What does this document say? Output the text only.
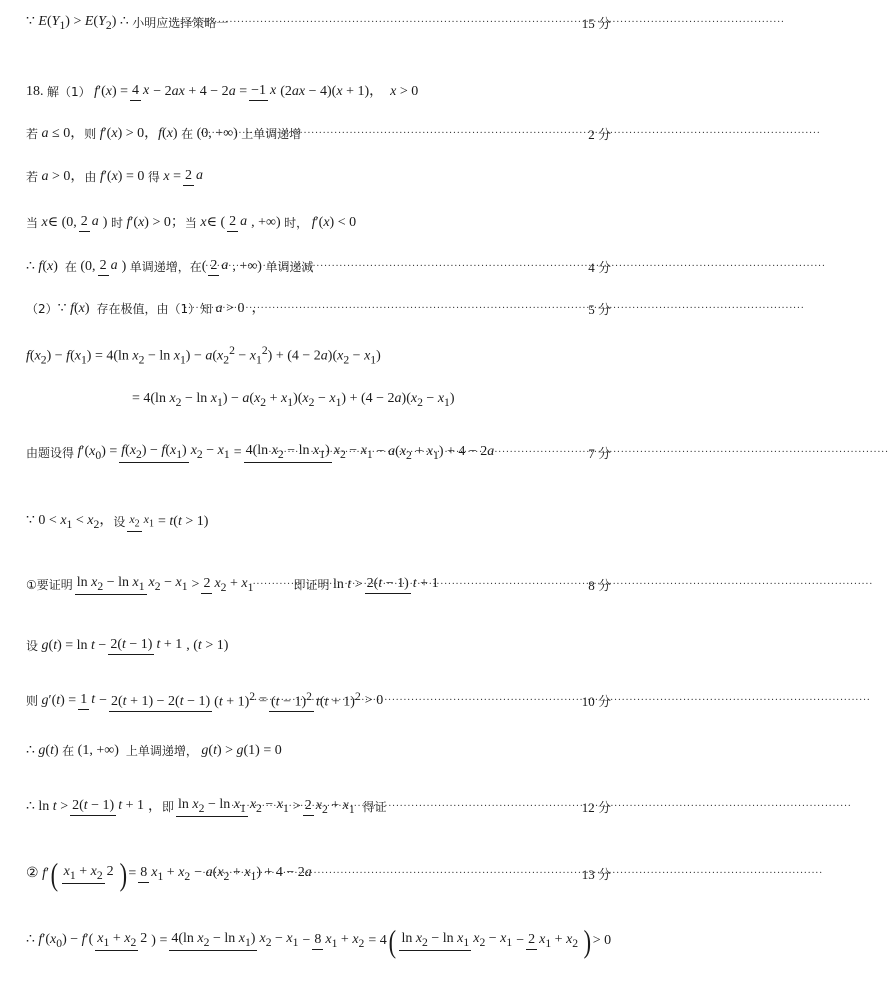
∵ $E(Y_1) > E(Y_2)$ ∴ 小明应选择策略一 ·····	15 分
18. 解（1） f′(x) = 4 x − 2ax + 4 − 2a = −1 x (2ax − 4)(x + 1)，  x > 0
若 a ≤ 0， 则 f′(x) > 0，f(x) 在 (0, +∞) 上单调递增 ·····	2 分
若 a > 0， 由 f′(x) = 0 得 x = 2 a
当 x∈ (0, 2 a ) 时 f′(x) > 0； 当 x∈ ( 2 a , +∞) 时， f′(x) < 0
∴ f(x) 在 (0, 2 a ) 单调递增，在 ( 2 a , +∞) 单调递减 ·····	4 分
（2） ∵ f(x) 存在极值，由（1）知 a > 0  ， ·····	5 分
$f(x_2) - f(x_1) = 4(\ln$ $x_2 - \ln x_1) - a(x_2^2 - x_1^2) + (4 - 2a)(x_2 - x_1)$
= 4(ln $x_2 - \ln x_1) - a(x_2 + x_1)(x_2 - x_1) + (4 - 2a)(x_2 - x_1)$
由题设得 $f'(x_0) = f(x_2) - f(x_1) x_2 - x_1 = 4(\ln$ $x_2 - \ln x_1$) $x_2 - x_1 - a(x_2 + x_1) + 4 - 2a$ ·····	7 分
∵ $0 < x_1 < x_2$， 设 $x_2$ $x_1 = t(t > 1)$
①要证明 $\ln x_2 - \ln x_1$ $x_2 - x_1 > 2$ $x_2 + x_1$	即证明 ln t > 2(t − 1) t + 1 ·····	8 分
设 g(t) = ln t − 2(t − 1) t + 1 , (t > 1)
则 g′(t) = 1 t − 2(t + 1) − 2(t − 1) $(t + 1)^2 = (t - 1)^2$ $t(t + 1)^2 > 0$ ·····	10 分
∴ g(t) 在 (1, +∞) 上单调递增， g(t) > g(1) = 0
∴ ln t > 2(t − 1) t + 1 ， 即 $\ln x_2 - \ln x_1$ $x_2 - x_1 > 2$ $x_2 + x_1$ 得证 ·····	12 分
② f′ ( $x_1 + x_2$ 2 ) = 8 $x_1 + x_2 - a(x_2 + x_1) + 4 - 2a$ ·····	13 分
∴ $f'(x_0) - f'$( $x_1 + x_2$ 2 ) = 4(ln $x_2 - \ln x_1$) $x_2 - x_1 - 8$ $x_1 + x_2 = 4$ ( $\ln x_2 - \ln x_1$ $x_2 - x_1 - 2$ $x_1 + x_2$ ) > 0
